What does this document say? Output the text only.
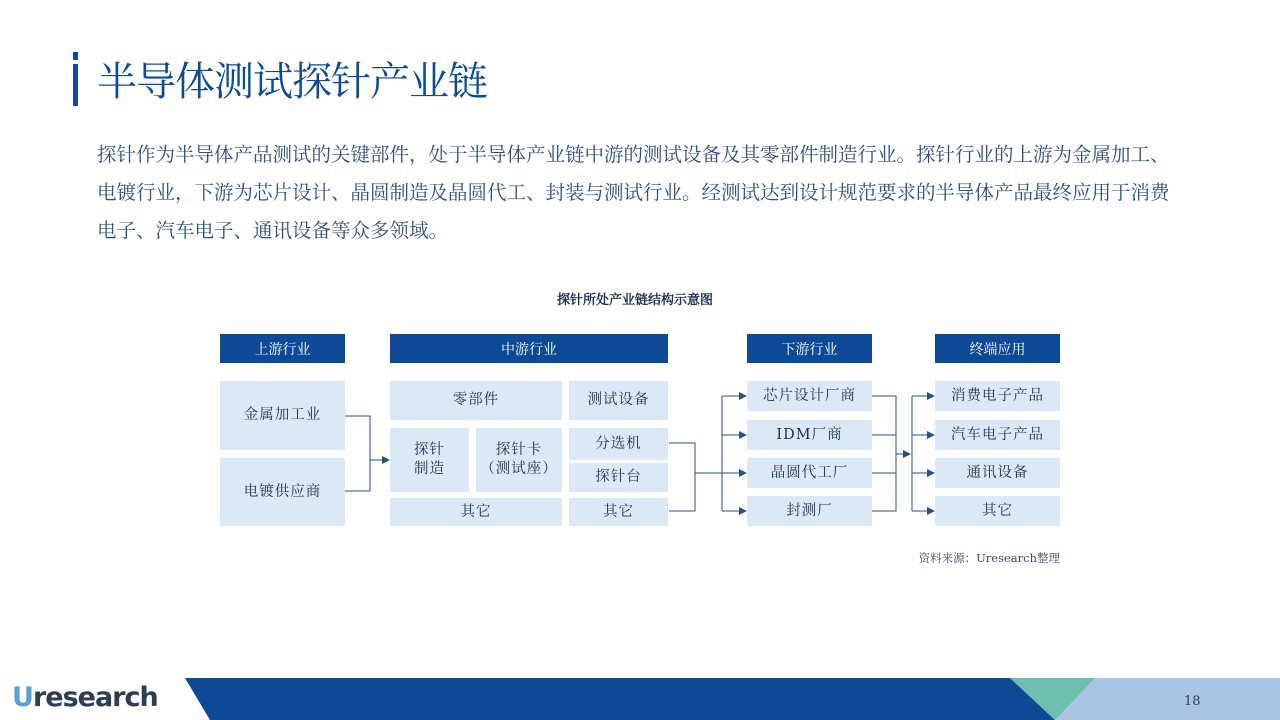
半导体测试探针产业链
探针作为半导体产品测试的关键部件，处于半导体产业链中游的测试设备及其零部件制造行业。探针行业的上游为金属加工、电镀行业，下游为芯片设计、晶圆制造及晶圆代工、封装与测试行业。经测试达到设计规范要求的半导体产品最终应用于消费电子、汽车电子、通讯设备等众多领域。
探针所处产业链结构示意图
上游行业	中游行业	下游行业	终端应用
金属加工业
电镀供应商
零部件
探针
制造
探针卡
（测试座）
其它
测试设备
分选机
探针台
其它
芯片设计厂商
IDM厂商
晶圆代工厂
封测厂
消费电子产品
汽车电子产品
通讯设备
其它
资料来源：Uresearch整理
Uresearch	18
